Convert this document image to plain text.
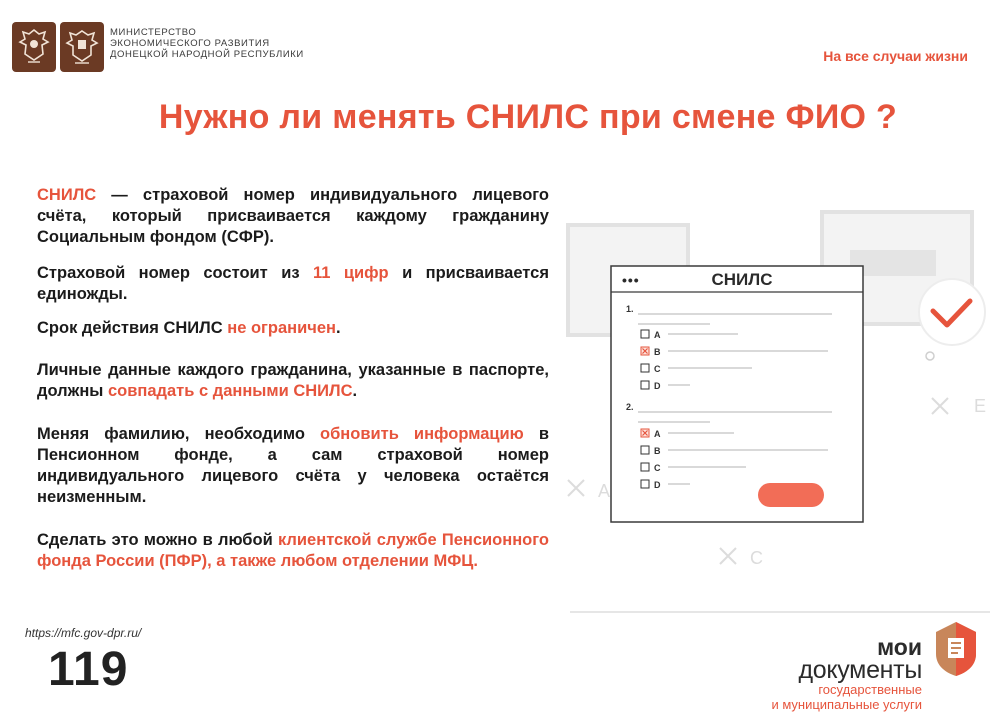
МИНИСТЕРСТВО
ЭКОНОМИЧЕСКОГО РАЗВИТИЯ
ДОНЕЦКОЙ НАРОДНОЙ РЕСПУБЛИКИ	На все случаи жизни
Нужно ли менять СНИЛС при смене ФИО ?

СНИЛС — страховой номер индивидуального лицевого счёта, который присваивается каждому гражданину Социальным фондом (СФР).

Страховой номер состоит из 11 цифр и присваивается единожды.

Срок действия СНИЛС не ограничен.

Личные данные каждого гражданина, указанные в паспорте, должны совпадать с данными СНИЛС.

Меняя фамилию, необходимо обновить информацию в Пенсионном фонде, а сам страховой номер индивидуального лицевого счёта у человека остаётся неизменным.

Сделать это можно в любой клиентской службе Пенсионного фонда России (ПФР), а также любом отделении МФЦ.

E
A
C
•••	СНИЛС
1.
A
B
C
D
2.
A
B
C
D
https://mfc.gov-dpr.ru/
119	мои
документы
государственные
и муниципальные услуги
